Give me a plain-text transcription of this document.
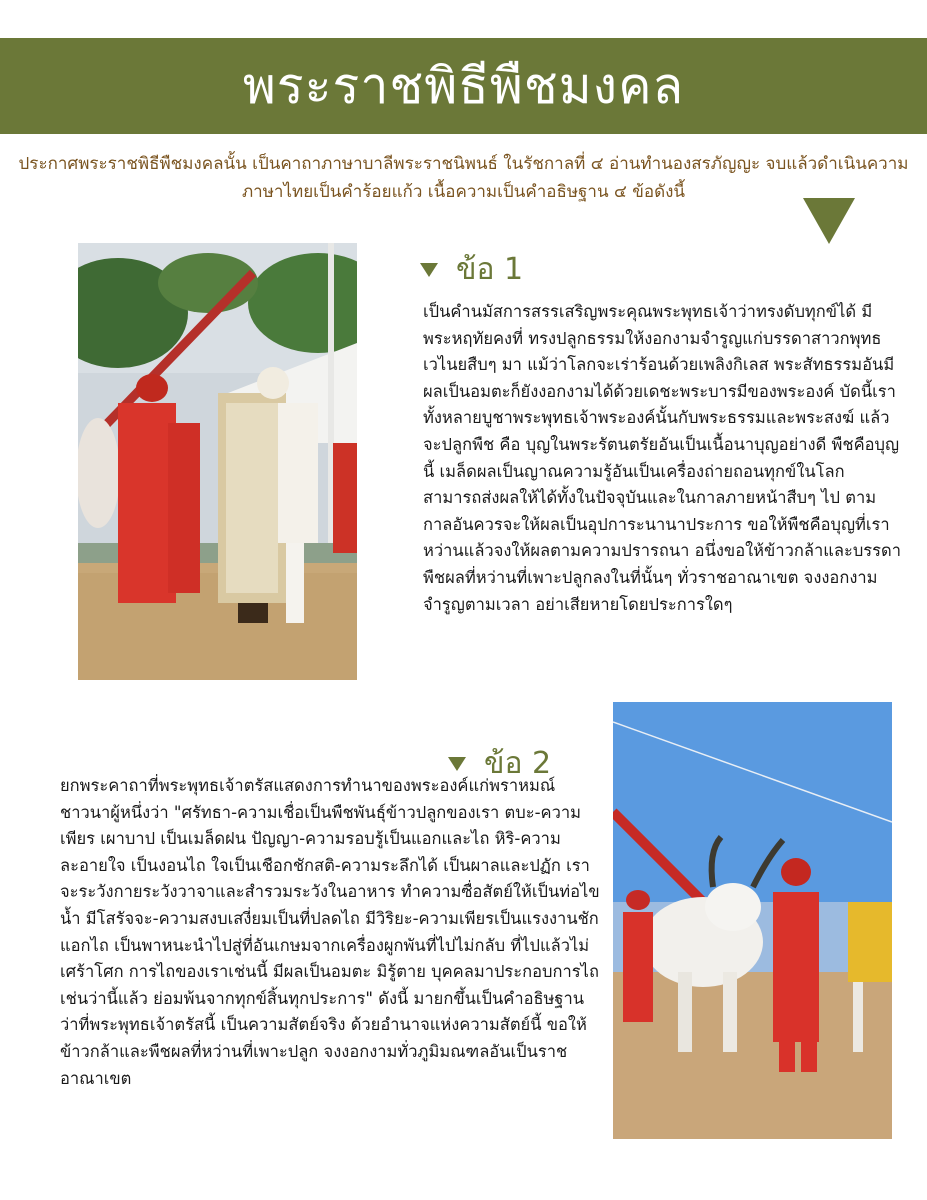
พระราชพิธีพืชมงคล

ประกาศพระราชพิธีพืชมงคลนั้น เป็นคาถาภาษาบาลีพระราชนิพนธ์ ในรัชกาลที่ ๔ อ่านทำนองสรภัญญะ จบแล้วดำเนินความภาษาไทยเป็นคำร้อยแก้ว เนื้อความเป็นคำอธิษฐาน ๔ ข้อดังนี้

ข้อ 1

เป็นคำนมัสการสรรเสริญพระคุณพระพุทธเจ้าว่าทรงดับทุกข์ได้ มีพระหฤทัยคงที่ ทรงปลูกธรรมให้งอกงามจำรูญแก่บรรดาสาวกพุทธเวไนยสืบๆ มา แม้ว่าโลกจะเร่าร้อนด้วยเพลิงกิเลส พระสัทธรรมอันมีผลเป็นอมตะก็ยังงอกงามได้ด้วยเดชะพระบารมีของพระองค์ บัดนี้เราทั้งหลายบูชาพระพุทธเจ้าพระองค์นั้นกับพระธรรมและพระสงฆ์ แล้วจะปลูกพืช คือ บุญในพระรัตนตรัยอันเป็นเนื้อนาบุญอย่างดี พืชคือบุญนี้ เมล็ดผลเป็นญาณความรู้อันเป็นเครื่องถ่ายถอนทุกข์ในโลก สามารถส่งผลให้ได้ทั้งในปัจจุบันและในกาลภายหน้าสืบๆ ไป ตามกาลอันควรจะให้ผลเป็นอุปการะนานาประการ ขอให้พืชคือบุญที่เราหว่านแล้วจงให้ผลตามความปรารถนา อนึ่งขอให้ข้าวกล้าและบรรดาพืชผลที่หว่านที่เพาะปลูกลงในที่นั้นๆ ทั่วราชอาณาเขต จงงอกงามจำรูญตามเวลา อย่าเสียหายโดยประการใดๆ

ข้อ 2

ยกพระคาถาที่พระพุทธเจ้าตรัสแสดงการทำนาของพระองค์แก่พราหมณ์ชาวนาผู้หนึ่งว่า "ศรัทธา-ความเชื่อเป็นพืชพันธุ์ข้าวปลูกของเรา ตบะ-ความเพียร เผาบาป เป็นเมล็ดฝน ปัญญา-ความรอบรู้เป็นแอกและไถ หิริ-ความละอายใจ เป็นงอนไถ ใจเป็นเชือกชักสติ-ความระลึกได้ เป็นผาลและปฏัก เราจะระวังกายระวังวาจาและสำรวมระวังในอาหาร ทำความซื่อสัตย์ให้เป็นท่อไขน้ำ มีโสรัจจะ-ความสงบเสงี่ยมเป็นที่ปลดไถ มีวิริยะ-ความเพียรเป็นแรงงานชักแอกไถ เป็นพาหนะนำไปสู่ที่อันเกษมจากเครื่องผูกพันที่ไปไม่กลับ ที่ไปแล้วไม่เศร้าโศก การไถของเราเช่นนี้ มีผลเป็นอมตะ มิรู้ตาย บุคคลมาประกอบการไถเช่นว่านี้แล้ว ย่อมพ้นจากทุกข์สิ้นทุกประการ" ดังนี้ มายกขึ้นเป็นคำอธิษฐานว่าที่พระพุทธเจ้าตรัสนี้ เป็นความสัตย์จริง ด้วยอำนาจแห่งความสัตย์นี้ ขอให้ข้าวกล้าและพืชผลที่หว่านที่เพาะปลูก จงงอกงามทั่วภูมิมณฑลอันเป็นราชอาณาเขต
